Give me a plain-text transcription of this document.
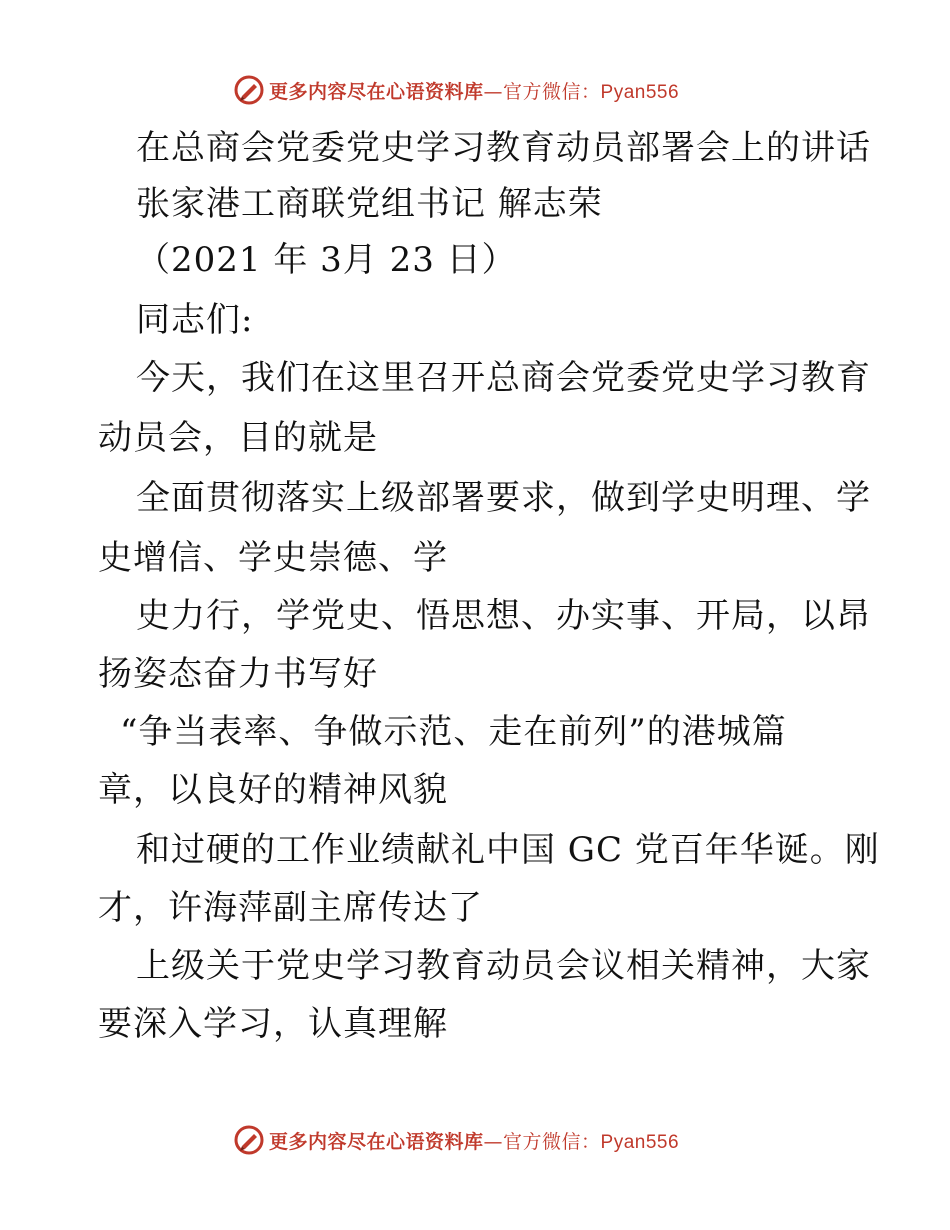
更多内容尽在心语资料库—官方微信：Pyan556
在总商会党委党史学习教育动员部署会上的讲话
张家港工商联党组书记 解志荣
（2021 年 3月 23 日）
同志们:
今天，我们在这里召开总商会党委党史学习教育
动员会，目的就是
全面贯彻落实上级部署要求，做到学史明理、学
史增信、学史崇德、学
史力行，学党史、悟思想、办实事、开局，以昂
扬姿态奋力书写好
“争当表率、争做示范、走在前列”的港城篇
章，以良好的精神风貌
和过硬的工作业绩献礼中国 GC 党百年华诞。刚
才，许海萍副主席传达了
上级关于党史学习教育动员会议相关精神，大家
要深入学习，认真理解
更多内容尽在心语资料库—官方微信：Pyan556
